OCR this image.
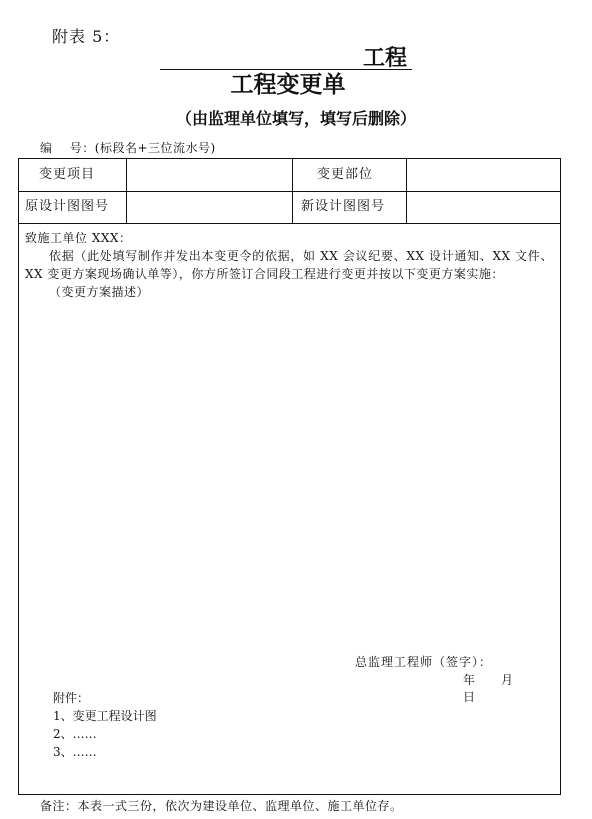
附表 5：
工程
工程变更单
（由监理单位填写，填写后删除）
编    号：(标段名+三位流水号)
变更项目	变更部位
原设计图图号	新设计图图号

致施工单位 XXX：

依据（此处填写制作并发出本变更令的依据，如 XX 会议纪要、XX 设计通知、XX 文件、XX 变更方案现场确认单等），你方所签订合同段工程进行变更并按以下变更方案实施：

（变更方案描述）

总监理工程师（签字）：
年 月日
附件：
1、变更工程设计图
2、……
3、……
备注：本表一式三份，依次为建设单位、监理单位、施工单位存。
